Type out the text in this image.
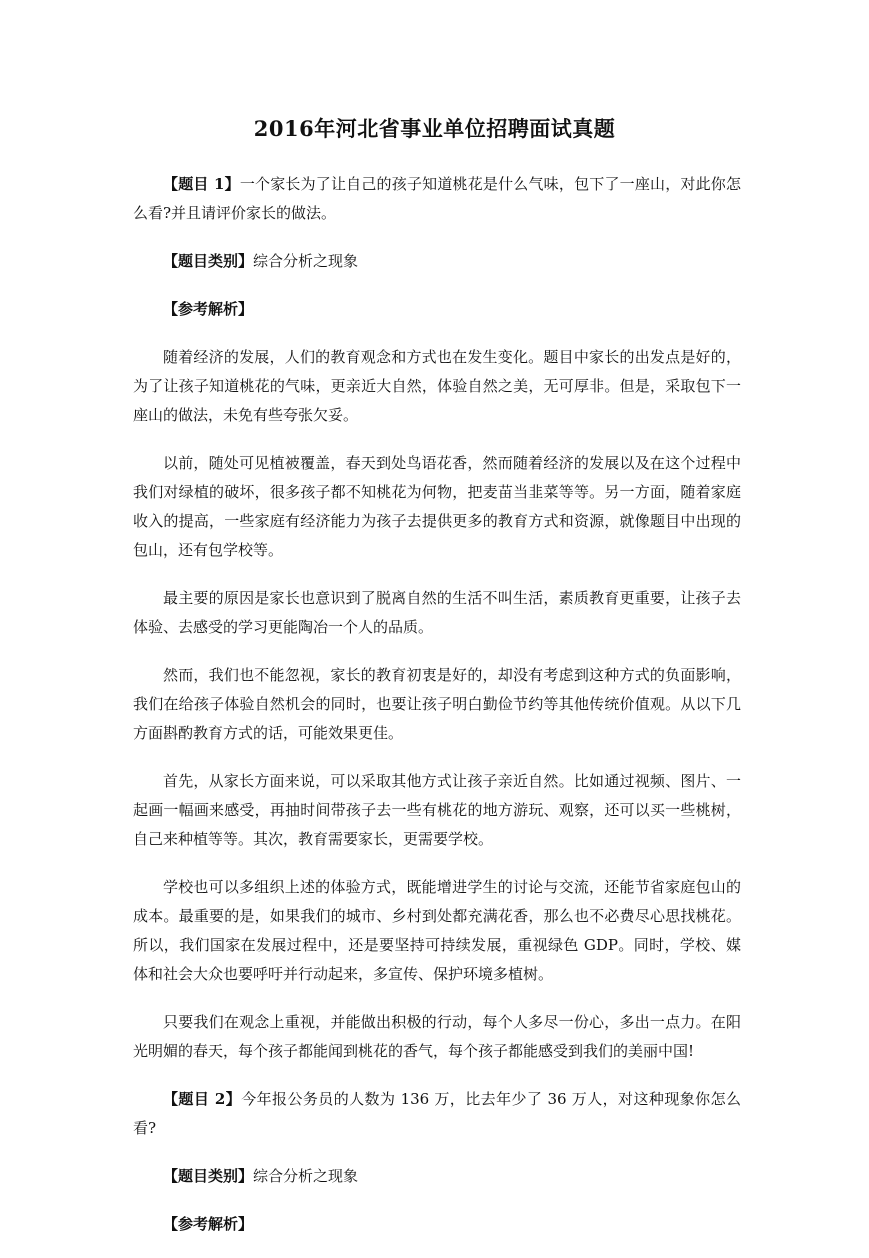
2016年河北省事业单位招聘面试真题

【题目 1】一个家长为了让自己的孩子知道桃花是什么气味，包下了一座山，对此你怎么看?并且请评价家长的做法。

【题目类别】综合分析之现象

【参考解析】

随着经济的发展，人们的教育观念和方式也在发生变化。题目中家长的出发点是好的，为了让孩子知道桃花的气味，更亲近大自然，体验自然之美，无可厚非。但是，采取包下一座山的做法，未免有些夸张欠妥。

以前，随处可见植被覆盖，春天到处鸟语花香，然而随着经济的发展以及在这个过程中我们对绿植的破坏，很多孩子都不知桃花为何物，把麦苗当韭菜等等。另一方面，随着家庭收入的提高，一些家庭有经济能力为孩子去提供更多的教育方式和资源，就像题目中出现的包山，还有包学校等。

最主要的原因是家长也意识到了脱离自然的生活不叫生活，素质教育更重要，让孩子去体验、去感受的学习更能陶冶一个人的品质。

然而，我们也不能忽视，家长的教育初衷是好的，却没有考虑到这种方式的负面影响，我们在给孩子体验自然机会的同时，也要让孩子明白勤俭节约等其他传统价值观。从以下几方面斟酌教育方式的话，可能效果更佳。

首先，从家长方面来说，可以采取其他方式让孩子亲近自然。比如通过视频、图片、一起画一幅画来感受，再抽时间带孩子去一些有桃花的地方游玩、观察，还可以买一些桃树，自己来种植等等。其次，教育需要家长，更需要学校。

学校也可以多组织上述的体验方式，既能增进学生的讨论与交流，还能节省家庭包山的成本。最重要的是，如果我们的城市、乡村到处都充满花香，那么也不必费尽心思找桃花。所以，我们国家在发展过程中，还是要坚持可持续发展，重视绿色 GDP。同时，学校、媒体和社会大众也要呼吁并行动起来，多宣传、保护环境多植树。

只要我们在观念上重视，并能做出积极的行动，每个人多尽一份心，多出一点力。在阳光明媚的春天，每个孩子都能闻到桃花的香气，每个孩子都能感受到我们的美丽中国!

【题目 2】今年报公务员的人数为 136 万，比去年少了 36 万人，对这种现象你怎么看?

【题目类别】综合分析之现象

【参考解析】
